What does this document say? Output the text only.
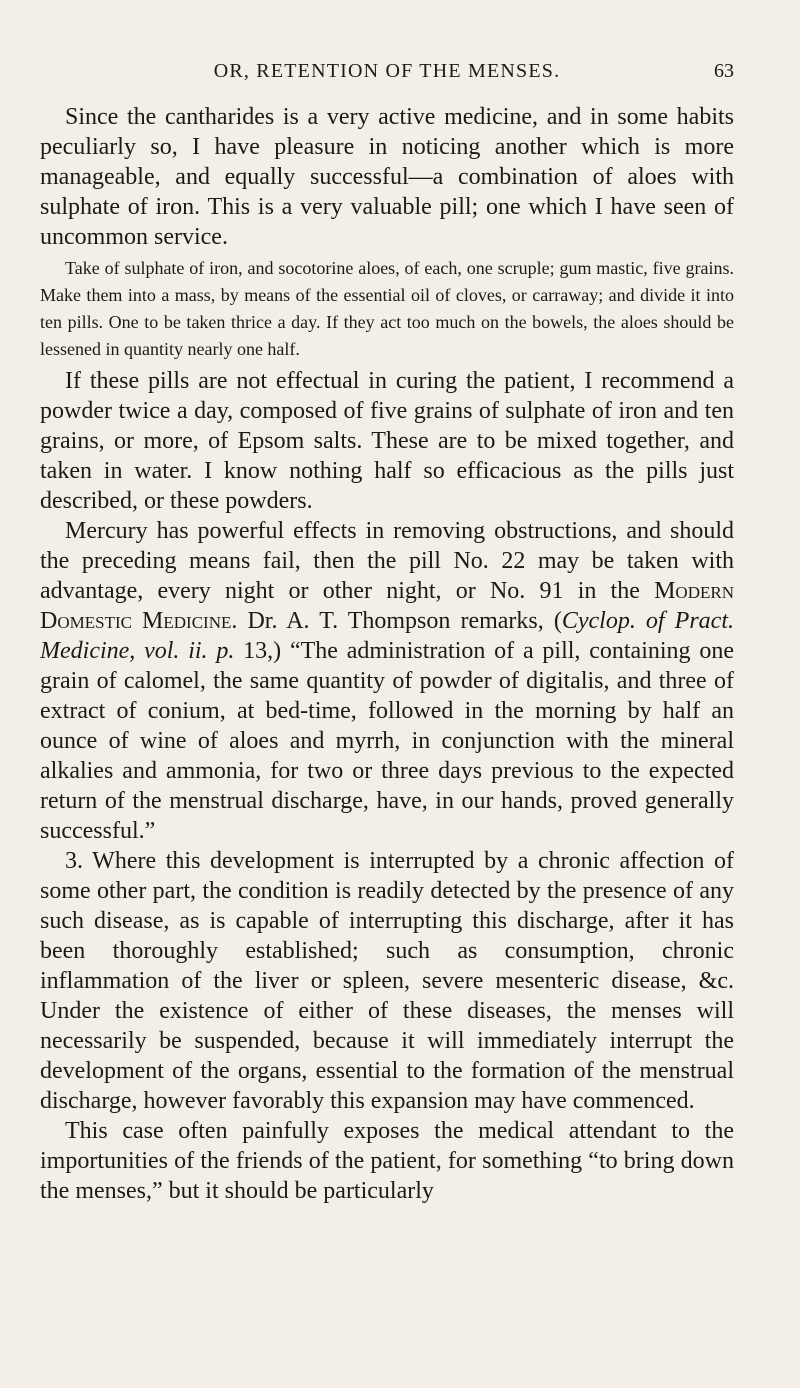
OR, RETENTION OF THE MENSES.	63

Since the cantharides is a very active medicine, and in some habits peculiarly so, I have pleasure in noticing another which is more manageable, and equally successful—a combination of aloes with sulphate of iron. This is a very valuable pill; one which I have seen of uncommon service.

Take of sulphate of iron, and socotorine aloes, of each, one scruple; gum mastic, five grains. Make them into a mass, by means of the essential oil of cloves, or carraway; and divide it into ten pills. One to be taken thrice a day. If they act too much on the bowels, the aloes should be lessened in quantity nearly one half.

If these pills are not effectual in curing the patient, I recommend a powder twice a day, composed of five grains of sulphate of iron and ten grains, or more, of Epsom salts. These are to be mixed together, and taken in water. I know nothing half so efficacious as the pills just described, or these powders.

Mercury has powerful effects in removing obstructions, and should the preceding means fail, then the pill No. 22 may be taken with advantage, every night or other night, or No. 91 in the Modern Domestic Medicine. Dr. A. T. Thompson remarks, (Cyclop. of Pract. Medicine, vol. ii. p. 13,) “The administration of a pill, containing one grain of calomel, the same quantity of powder of digitalis, and three of extract of conium, at bed-time, followed in the morning by half an ounce of wine of aloes and myrrh, in conjunction with the mineral alkalies and ammonia, for two or three days previous to the expected return of the menstrual discharge, have, in our hands, proved generally successful.”

3. Where this development is interrupted by a chronic affection of some other part, the condition is readily detected by the presence of any such disease, as is capable of interrupting this discharge, after it has been thoroughly established; such as consumption, chronic inflammation of the liver or spleen, severe mesenteric disease, &c. Under the existence of either of these diseases, the menses will necessarily be suspended, because it will immediately interrupt the development of the organs, essential to the formation of the menstrual discharge, however favorably this expansion may have commenced.

This case often painfully exposes the medical attendant to the importunities of the friends of the patient, for something “to bring down the menses,” but it should be particularly
